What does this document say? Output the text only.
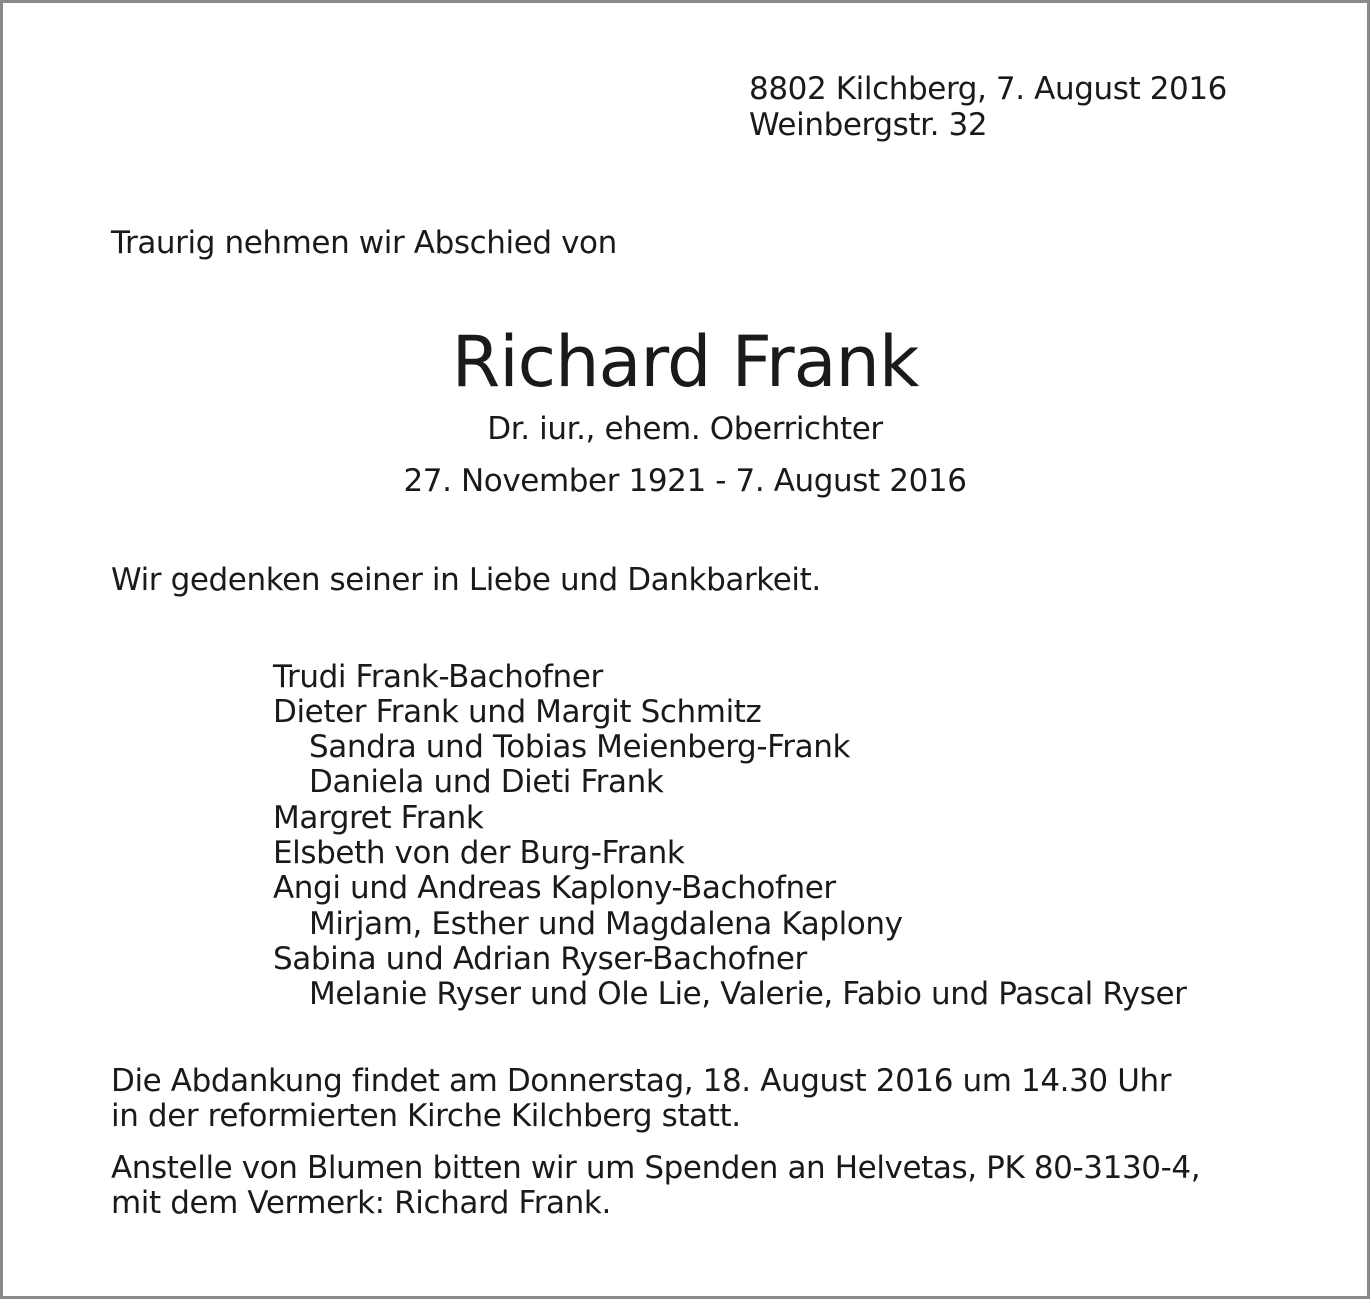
8802 Kilchberg, 7. August 2016
Weinbergstr. 32
Traurig nehmen wir Abschied von
Richard Frank
Dr. iur., ehem. Oberrichter
27. November 1921 - 7. August 2016
Wir gedenken seiner in Liebe und Dankbarkeit.
Trudi Frank-Bachofner
Dieter Frank und Margit Schmitz
Sandra und Tobias Meienberg-Frank
Daniela und Dieti Frank
Margret Frank
Elsbeth von der Burg-Frank
Angi und Andreas Kaplony-Bachofner
Mirjam, Esther und Magdalena Kaplony
Sabina und Adrian Ryser-Bachofner
Melanie Ryser und Ole Lie, Valerie, Fabio und Pascal Ryser
Die Abdankung findet am Donnerstag, 18. August 2016 um 14.30 Uhr
in der reformierten Kirche Kilchberg statt.
Anstelle von Blumen bitten wir um Spenden an Helvetas, PK 80-3130-4,
mit dem Vermerk: Richard Frank.
